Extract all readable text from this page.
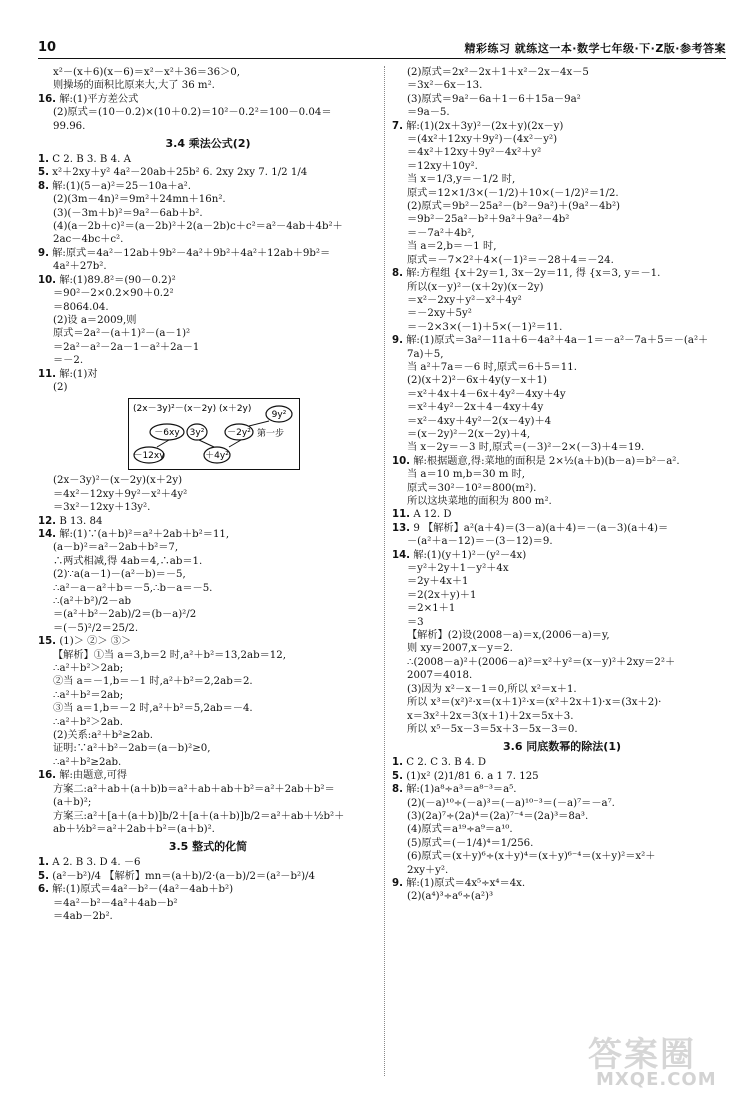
10	精彩练习 就练这一本·数学七年级·下·Z版·参考答案
x²－(x＋6)(x－6)＝x²－x²＋36＝36＞0,
则操场的面积比原来大,大了 36 m².
16. 解:(1)平方差公式
(2)原式＝(10－0.2)×(10＋0.2)＝10²－0.2²＝100－0.04＝
99.96.
3.4 乘法公式(2)
1. C 2. B 3. B 4. A
5. x²＋2xy＋y² 4a²－20ab＋25b² 6. 2xy 2xy 7. 1/2 1/4
8. 解:(1)(5－a)²＝25－10a＋a².
(2)(3m－4n)²＝9m²＋24mn＋16n².
(3)(－3m＋b)²＝9a²－6ab＋b².
(4)(a－2b＋c)²＝(a－2b)²＋2(a－2b)c＋c²＝a²－4ab＋4b²＋
2ac－4bc＋c².
9. 解:原式＝4a²－12ab＋9b²－4a²＋9b²＋4a²＋12ab＋9b²＝
4a²＋27b².
10. 解:(1)89.8²＝(90－0.2)²
＝90²－2×0.2×90＋0.2²
＝8064.04.
(2)设 a＝2009,则
原式＝2a²－(a＋1)²－(a－1)²
＝2a²－a²－2a－1－a²＋2a－1
＝－2.
11. 解:(1)对
(2)
9y²
－6xy 3y²	－2y²
－12xy	＋4y²
(2x－3y)²－(x－2y) (x＋2y)
第一步
(2x－3y)²－(x－2y)(x＋2y)
＝4x²－12xy＋9y²－x²＋4y²
＝3x²－12xy＋13y².
12. B 13. 84
14. 解:(1)∵(a＋b)²＝a²＋2ab＋b²＝11,
(a－b)²＝a²－2ab＋b²＝7,
∴两式相减,得 4ab＝4,∴ab＝1.
(2)∵a(a－1)－(a²－b)＝－5,
∴a²－a－a²＋b＝－5,∴b－a＝－5.
∴(a²＋b²)/2－ab
＝(a²＋b²－2ab)/2＝(b－a)²/2
＝(－5)²/2＝25/2.
15. (1)＞ ②＞ ③＞
【解析】①当 a＝3,b＝2 时,a²＋b²＝13,2ab＝12,
∴a²＋b²＞2ab;
②当 a＝－1,b＝－1 时,a²＋b²＝2,2ab＝2.
∴a²＋b²＝2ab;
③当 a＝1,b＝－2 时,a²＋b²＝5,2ab＝－4.
∴a²＋b²＞2ab.
(2)关系:a²＋b²≥2ab.
证明:∵a²＋b²－2ab＝(a－b)²≥0,
∴a²＋b²≥2ab.
16. 解:由题意,可得
方案二:a²＋ab＋(a＋b)b＝a²＋ab＋ab＋b²＝a²＋2ab＋b²＝
(a＋b)²;
方案三:a²＋[a＋(a＋b)]b/2＋[a＋(a＋b)]b/2＝a²＋ab＋½b²＋
ab＋½b²＝a²＋2ab＋b²＝(a＋b)².
3.5 整式的化简
1. A 2. B 3. D 4. －6
5. (a²－b²)/4 【解析】mn＝(a＋b)/2·(a－b)/2＝(a²－b²)/4
6. 解:(1)原式＝4a²－b²－(4a²－4ab＋b²)
＝4a²－b²－4a²＋4ab－b²
＝4ab－2b².
(2)原式＝2x²－2x＋1＋x²－2x－4x－5
＝3x²－6x－13.
(3)原式＝9a²－6a＋1－6＋15a－9a²
＝9a－5.
7. 解:(1)(2x＋3y)²－(2x＋y)(2x－y)
＝(4x²＋12xy＋9y²)－(4x²－y²)
＝4x²＋12xy＋9y²－4x²＋y²
＝12xy＋10y².
当 x＝1/3,y＝－1/2 时,
原式＝12×1/3×(－1/2)＋10×(－1/2)²＝1/2.
(2)原式＝9b²－25a²－(b²－9a²)＋(9a²－4b²)
＝9b²－25a²－b²＋9a²＋9a²－4b²
＝－7a²＋4b²,
当 a＝2,b＝－1 时,
原式＝－7×2²＋4×(－1)²＝－28＋4＝－24.
8. 解:方程组 {x＋2y＝1, 3x－2y＝11, 得 {x＝3, y＝－1.
所以(x－y)²－(x＋2y)(x－2y)
＝x²－2xy＋y²－x²＋4y²
＝－2xy＋5y²
＝－2×3×(－1)＋5×(－1)²＝11.
9. 解:(1)原式＝3a²－11a＋6－4a²＋4a－1＝－a²－7a＋5＝－(a²＋
7a)＋5,
当 a²＋7a＝－6 时,原式＝6＋5＝11.
(2)(x＋2)²－6x＋4y(y－x＋1)
＝x²＋4x＋4－6x＋4y²－4xy＋4y
＝x²＋4y²－2x＋4－4xy＋4y
＝x²－4xy＋4y²－2(x－4y)＋4
＝(x－2y)²－2(x－2y)＋4,
当 x－2y＝－3 时,原式＝(－3)²－2×(－3)＋4＝19.
10. 解:根据题意,得:菜地的面积是 2×½(a＋b)(b－a)＝b²－a².
当 a＝10 m,b＝30 m 时,
原式＝30²－10²＝800(m²).
所以这块菜地的面积为 800 m².
11. A 12. D
13. 9 【解析】a²(a＋4)＝(3－a)(a＋4)＝－(a－3)(a＋4)＝
－(a²＋a－12)＝－(3－12)＝9.
14. 解:(1)(y＋1)²－(y²－4x)
＝y²＋2y＋1－y²＋4x
＝2y＋4x＋1
＝2(2x＋y)＋1
＝2×1＋1
＝3
【解析】(2)设(2008－a)＝x,(2006－a)＝y,
则 xy＝2007,x－y＝2.
∴(2008－a)²＋(2006－a)²＝x²＋y²＝(x－y)²＋2xy＝2²＋
2007＝4018.
(3)因为 x²－x－1＝0,所以 x²＝x＋1.
所以 x³＝(x²)²·x＝(x＋1)²·x＝(x²＋2x＋1)·x＝(3x＋2)·
x＝3x²＋2x＝3(x＋1)＋2x＝5x＋3.
所以 x⁵－5x－3＝5x＋3－5x－3＝0.
3.6 同底数幂的除法(1)
1. C 2. C 3. B 4. D
5. (1)x² (2)1/81 6. a 1 7. 125
8. 解:(1)a⁸÷a³＝a⁸⁻³＝a⁵.
(2)(－a)¹⁰÷(－a)³＝(－a)¹⁰⁻³＝(－a)⁷＝－a⁷.
(3)(2a)⁷÷(2a)⁴＝(2a)⁷⁻⁴＝(2a)³＝8a³.
(4)原式＝a¹⁹÷a⁹＝a¹⁰.
(5)原式＝(－1/4)⁴＝1/256.
(6)原式＝(x＋y)⁶÷(x＋y)⁴＝(x＋y)⁶⁻⁴＝(x＋y)²＝x²＋
2xy＋y².
9. 解:(1)原式＝4x⁵÷x⁴＝4x.
(2)(a⁴)³÷a⁶÷(a²)³
答案圈
MXQE.COM
